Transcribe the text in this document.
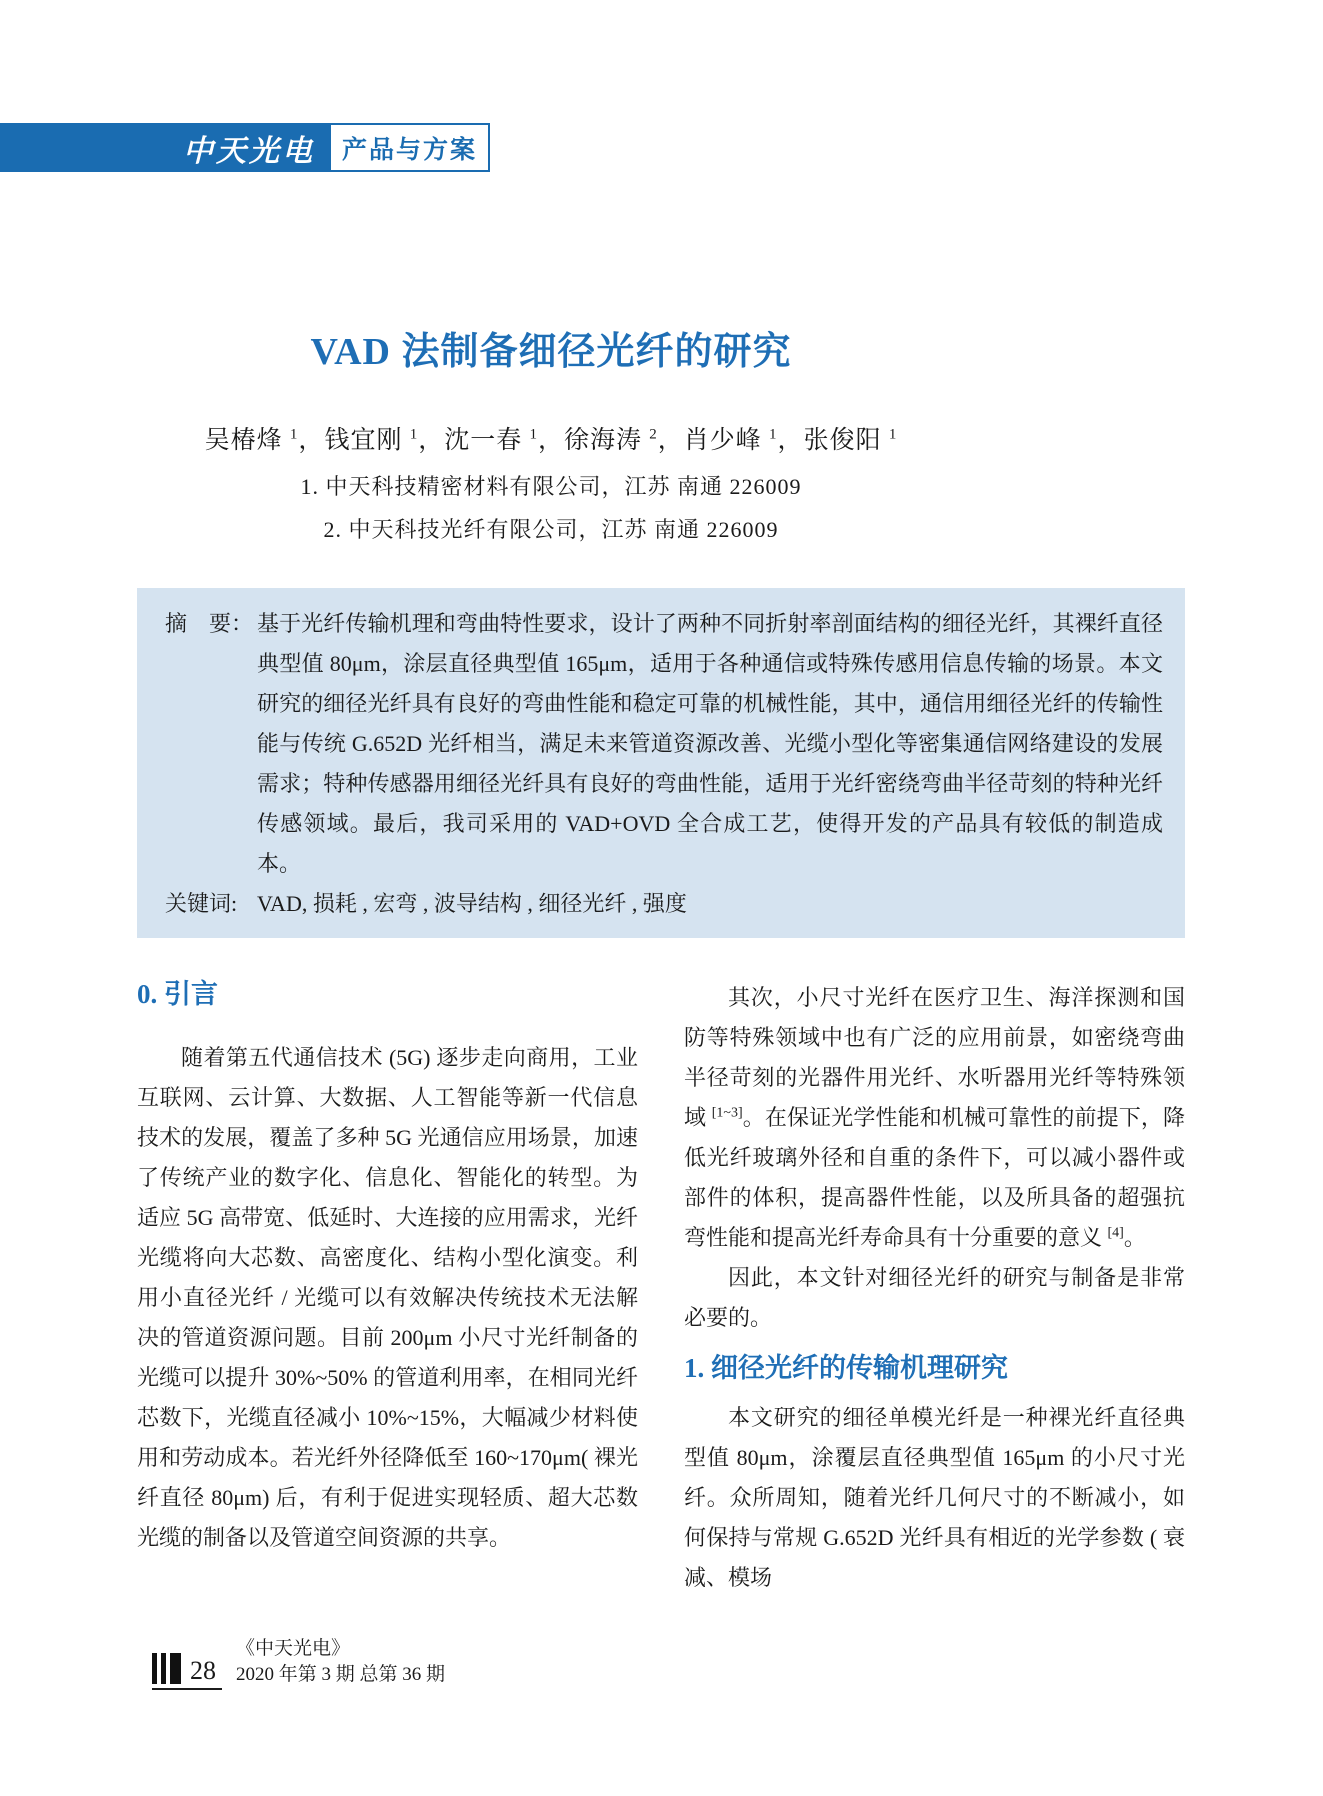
中天光电 产品与方案
VAD 法制备细径光纤的研究
吴椿烽 $^1$，钱宜刚 $^1$，沈一春 $^1$，徐海涛 $^2$，肖少峰 $^1$，张俊阳 $^1$
1. 中天科技精密材料有限公司，江苏 南通 226009
2. 中天科技光纤有限公司，江苏 南通 226009
摘　要： 基于光纤传输机理和弯曲特性要求，设计了两种不同折射率剖面结构的细径光纤，其裸纤直径典型值 80μm，涂层直径典型值 165μm，适用于各种通信或特殊传感用信息传输的场景。本文研究的细径光纤具有良好的弯曲性能和稳定可靠的机械性能，其中，通信用细径光纤的传输性能与传统 G.652D 光纤相当，满足未来管道资源改善、光缆小型化等密集通信网络建设的发展需求；特种传感器用细径光纤具有良好的弯曲性能，适用于光纤密绕弯曲半径苛刻的特种光纤传感领域。最后，我司采用的 VAD+OVD 全合成工艺，使得开发的产品具有较低的制造成本。
关键词: VAD, 损耗 , 宏弯 , 波导结构 , 细径光纤 , 强度
0. 引言

随着第五代通信技术 (5G) 逐步走向商用，工业互联网、云计算、大数据、人工智能等新一代信息技术的发展，覆盖了多种 5G 光通信应用场景，加速了传统产业的数字化、信息化、智能化的转型。为适应 5G 高带宽、低延时、大连接的应用需求，光纤光缆将向大芯数、高密度化、结构小型化演变。利用小直径光纤 / 光缆可以有效解决传统技术无法解决的管道资源问题。目前 200μm 小尺寸光纤制备的光缆可以提升 30%~50% 的管道利用率，在相同光纤芯数下，光缆直径减小 10%~15%，大幅减少材料使用和劳动成本。若光纤外径降低至 160~170μm( 裸光纤直径 80μm) 后，有利于促进实现轻质、超大芯数光缆的制备以及管道空间资源的共享。

其次，小尺寸光纤在医疗卫生、海洋探测和国防等特殊领域中也有广泛的应用前景，如密绕弯曲半径苛刻的光器件用光纤、水听器用光纤等特殊领域 [1~3]。在保证光学性能和机械可靠性的前提下，降低光纤玻璃外径和自重的条件下，可以减小器件或部件的体积，提高器件性能，以及所具备的超强抗弯性能和提高光纤寿命具有十分重要的意义 [4]。

因此，本文针对细径光纤的研究与制备是非常必要的。

1. 细径光纤的传输机理研究

本文研究的细径单模光纤是一种裸光纤直径典型值 80μm，涂覆层直径典型值 165μm 的小尺寸光纤。众所周知，随着光纤几何尺寸的不断减小，如何保持与常规 G.652D 光纤具有相近的光学参数 ( 衰减、模场

28
《中天光电》
2020 年第 3 期 总第 36 期
